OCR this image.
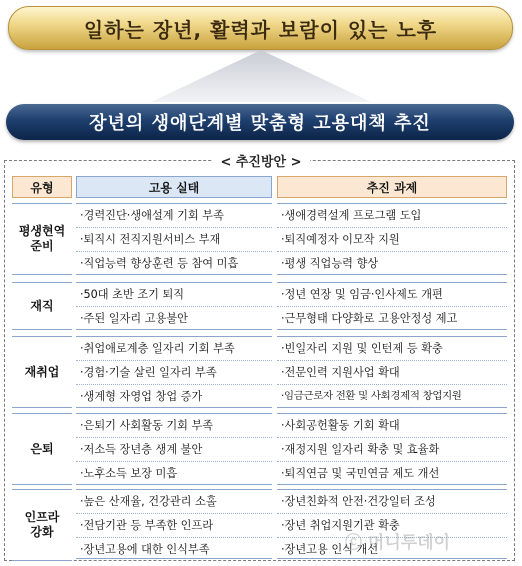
일하는 장년, 활력과 보람이 있는 노후
장년의 생애단계별 맞춤형 고용대책 추진
< 추진방안 >
유형	고용 실태	추진 과제
평생현역
준비
·경력진단·생애설계 기회 부족
·퇴직시 전직지원서비스 부재
·직업능력 향상훈련 등 참여 미흡
·생애경력설계 프로그램 도입
·퇴직예정자 이모작 지원
·평생 직업능력 향상
재직
·50대 초반 조기 퇴직
·주된 일자리 고용불안
·정년 연장 및 임금·인사제도 개편
·근무형태 다양화로 고용안정성 제고
재취업
·취업애로계층 일자리 기회 부족
·경험·기술 살린 일자리 부족
·생계형 자영업 창업 증가
·빈일자리 지원 및 인턴제 등 확충
·전문인력 지원사업 확대
·임금근로자 전환 및 사회경제적 창업지원
은퇴
·은퇴기 사회활동 기회 부족
·저소득 장년층 생계 불안
·노후소득 보장 미흡
·사회공헌활동 기회 확대
·재정지원 일자리 확충 및 효율화
·퇴직연금 및 국민연금 제도 개선
인프라
강화
·높은 산재율, 건강관리 소홀
·전담기관 등 부족한 인프라
·장년고용에 대한 인식부족
·장년친화적 안전·건강일터 조성
·장년 취업지원기관 확충
·장년고용 인식 개선
ⓒ 머니투데이
